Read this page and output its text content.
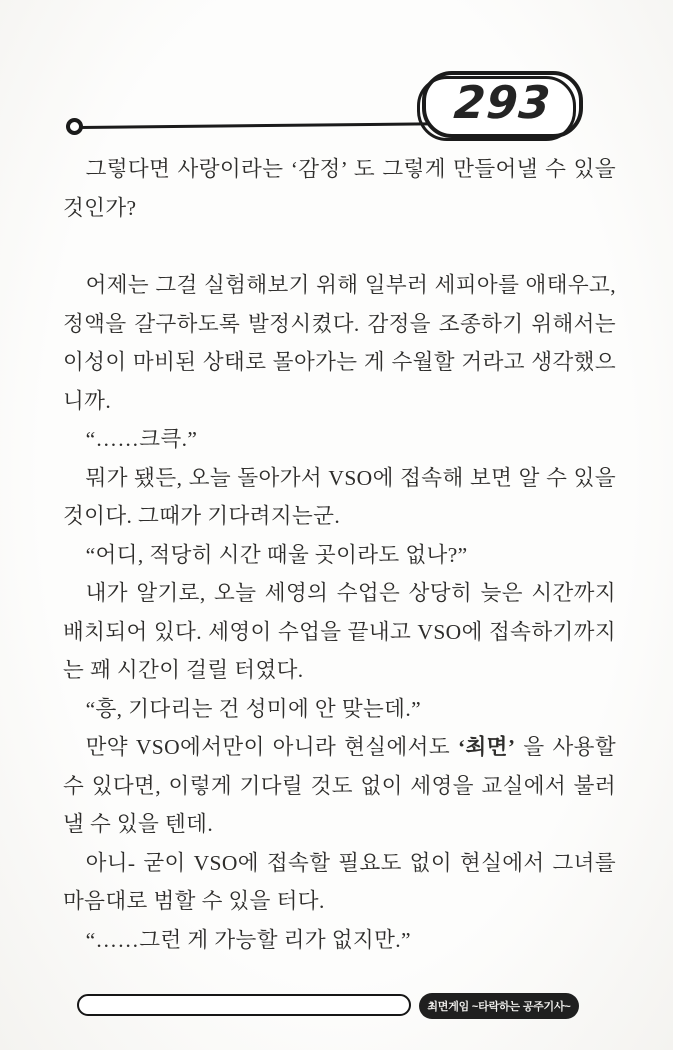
293

그렇다면 사랑이라는 ‘감정’ 도 그렇게 만들어낼 수 있을 것인가?

어제는 그걸 실험해보기 위해 일부러 세피아를 애태우고, 정액을 갈구하도록 발정시켰다. 감정을 조종하기 위해서는 이성이 마비된 상태로 몰아가는 게 수월할 거라고 생각했으니까.

“……크큭.”

뭐가 됐든, 오늘 돌아가서 VSO에 접속해 보면 알 수 있을 것이다. 그때가 기다려지는군.

“어디, 적당히 시간 때울 곳이라도 없나?”

내가 알기로, 오늘 세영의 수업은 상당히 늦은 시간까지 배치되어 있다. 세영이 수업을 끝내고 VSO에 접속하기까지는 꽤 시간이 걸릴 터였다.

“흥, 기다리는 건 성미에 안 맞는데.”

만약 VSO에서만이 아니라 현실에서도 ‘최면’ 을 사용할 수 있다면, 이렇게 기다릴 것도 없이 세영을 교실에서 불러낼 수 있을 텐데.

아니- 굳이 VSO에 접속할 필요도 없이 현실에서 그녀를 마음대로 범할 수 있을 터다.

“……그런 게 가능할 리가 없지만.”

최면게임 ~타락하는 공주기사~
